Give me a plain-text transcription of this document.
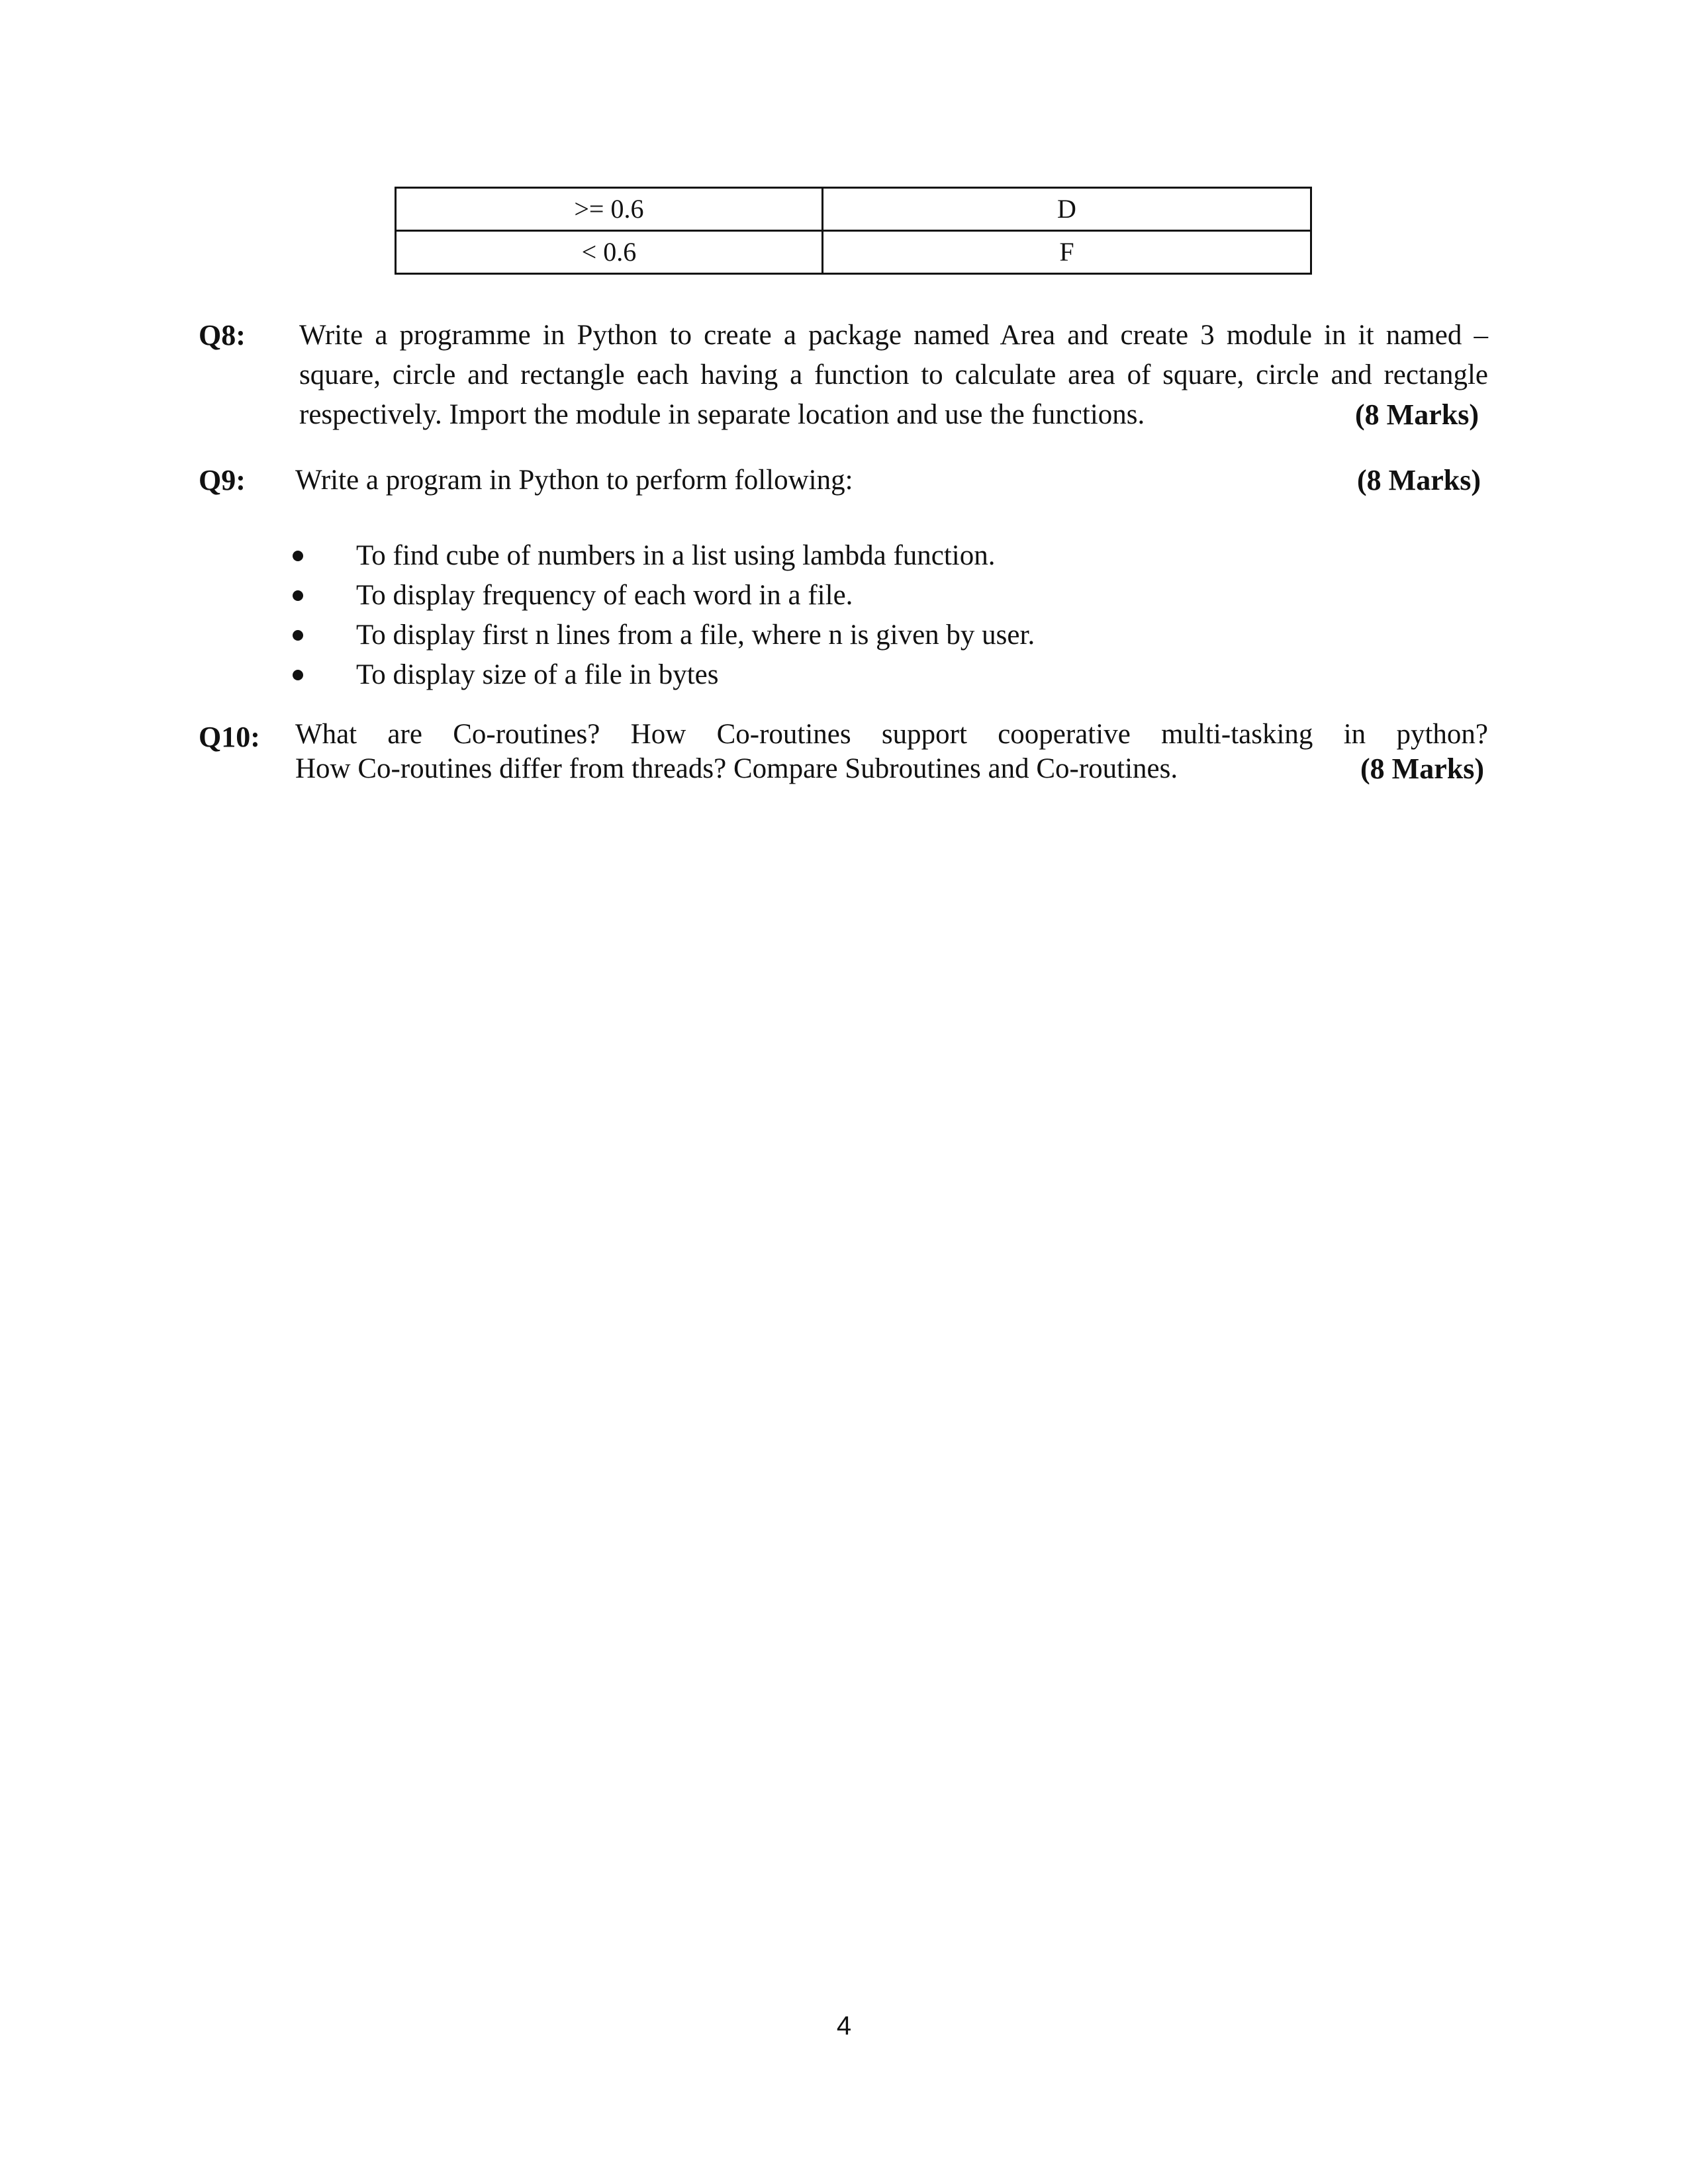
>= 0.6	D
< 0.6	F
Q8: Write a programme in Python to create a package named Area and create 3 module in it named –
square, circle and rectangle each having a function to calculate area of square, circle and rectangle
respectively. Import the module in separate location and use the functions.	(8 Marks)
Q9: Write a program in Python to perform following:	(8 Marks)
To find cube of numbers in a list using lambda function.
To display frequency of each word in a file.
To display first n lines from a file, where n is given by user.
To display size of a file in bytes
Q10: What are Co-routines? How Co-routines support cooperative multi-tasking in python?
How Co-routines differ from threads? Compare Subroutines and Co-routines.	(8 Marks)
4
